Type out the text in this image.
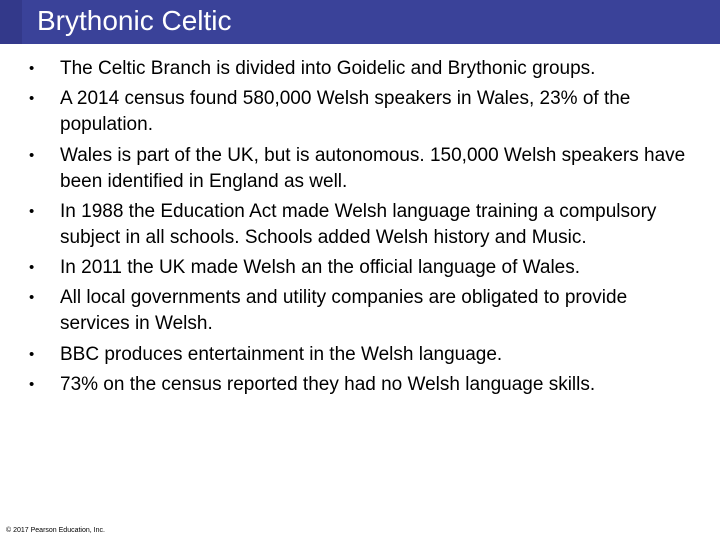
Brythonic Celtic
• The Celtic Branch is divided into Goidelic and Brythonic groups.
• A 2014 census found 580,000 Welsh speakers in Wales, 23% of the population.
• Wales is part of the UK, but is autonomous. 150,000 Welsh speakers have been identified in England as well.
• In 1988 the Education Act made Welsh language training a compulsory subject in all schools. Schools added Welsh history and Music.
• In 2011 the UK made Welsh an the official language of Wales.
• All local governments and utility companies are obligated to provide services in Welsh.
• BBC produces entertainment in the Welsh language.
• 73% on the census reported they had no Welsh language skills.
© 2017 Pearson Education, Inc.
